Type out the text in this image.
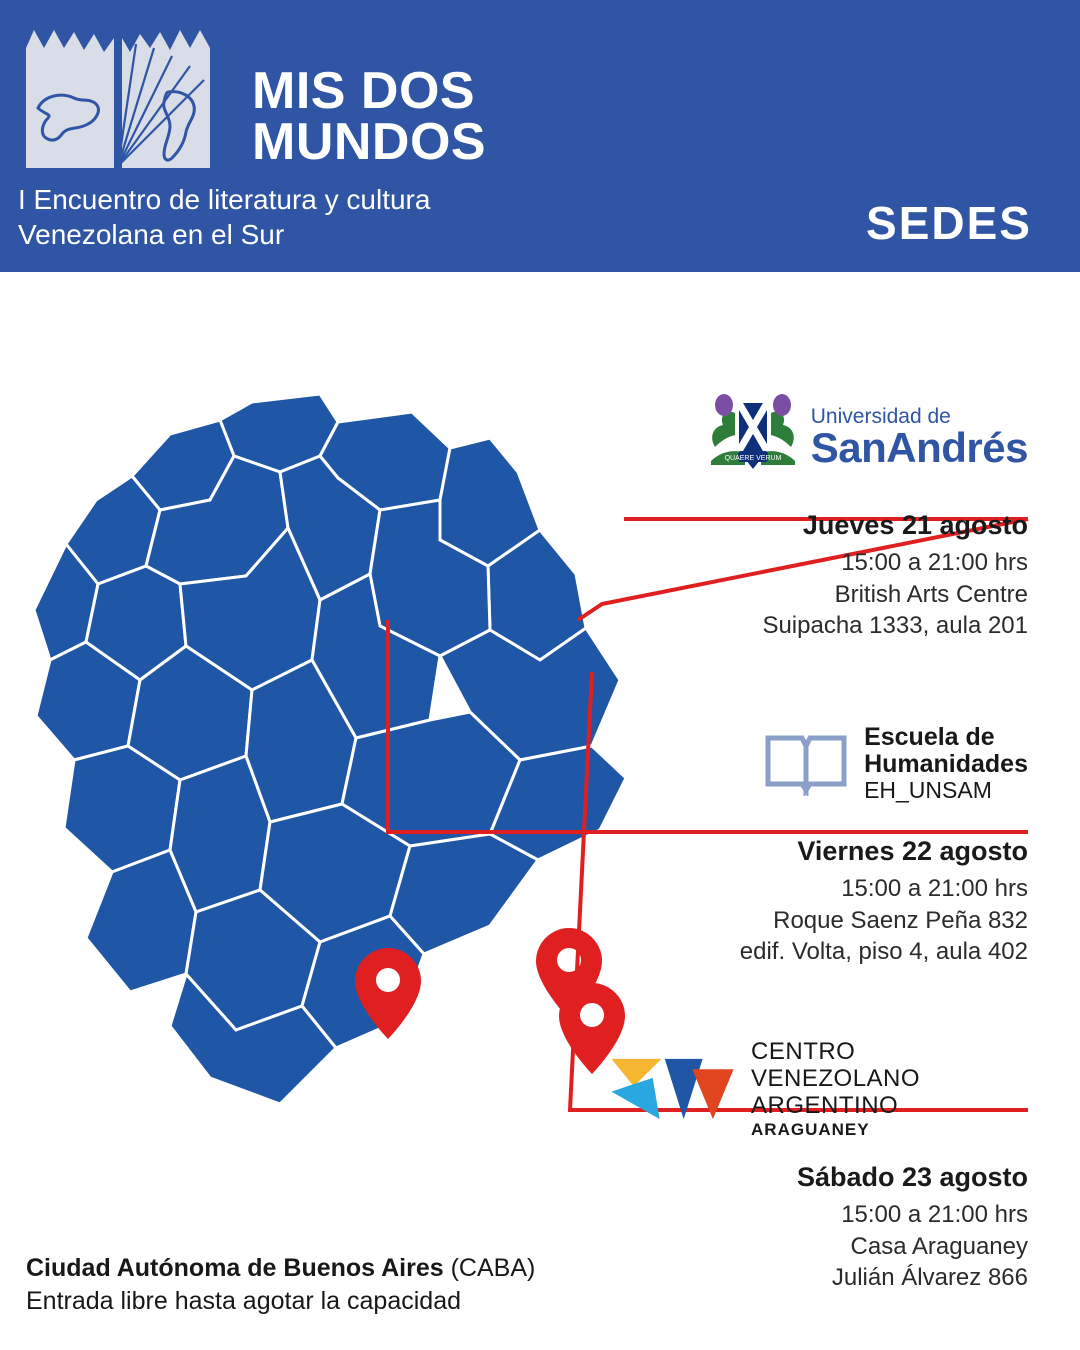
MIS DOS
MUNDOS
I Encuentro de literatura y cultura
Venezolana en el Sur	SEDES
QUAERE VERUM
Universidad de
SanAndrés
Jueves 21 agosto
15:00 a 21:00 hrs
British Arts Centre
Suipacha 1333, aula 201
Escuela de
Humanidades
EH_UNSAM
Viernes 22 agosto
15:00 a 21:00 hrs
Roque Saenz Peña 832
edif. Volta, piso 4, aula 402
CENTRO
VENEZOLANO ARGENTINO
ARAGUANEY
Sábado 23 agosto
15:00 a 21:00 hrs
Casa Araguaney
Julián Álvarez 866
Ciudad Autónoma de Buenos Aires (CABA)
Entrada libre hasta agotar la capacidad
